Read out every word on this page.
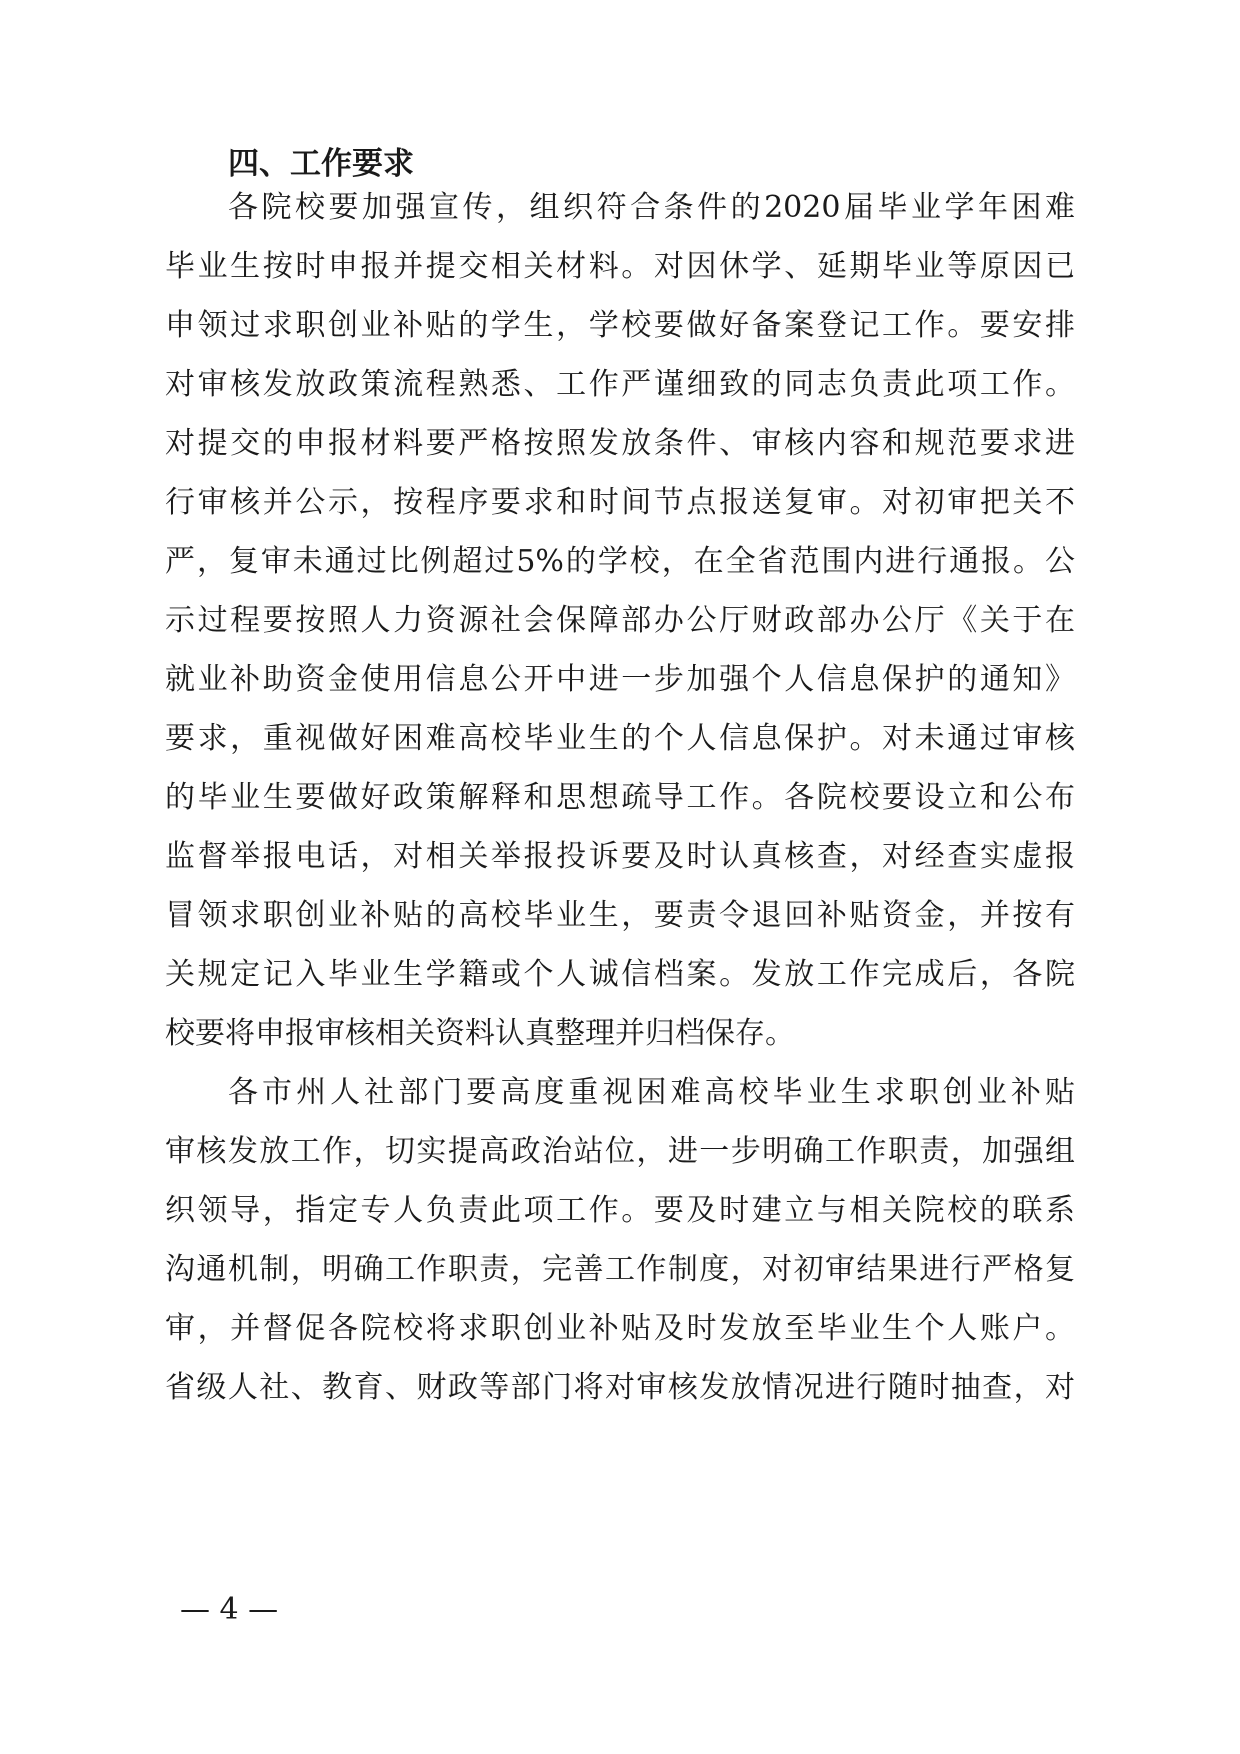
四、工作要求

各院校要加强宣传，组织符合条件的2020届毕业学年困难

毕业生按时申报并提交相关材料。对因休学、延期毕业等原因已

申领过求职创业补贴的学生，学校要做好备案登记工作。要安排

对审核发放政策流程熟悉、工作严谨细致的同志负责此项工作。

对提交的申报材料要严格按照发放条件、审核内容和规范要求进

行审核并公示，按程序要求和时间节点报送复审。对初审把关不

严，复审未通过比例超过5%的学校，在全省范围内进行通报。公

示过程要按照人力资源社会保障部办公厅财政部办公厅《关于在

就业补助资金使用信息公开中进一步加强个人信息保护的通知》

要求，重视做好困难高校毕业生的个人信息保护。对未通过审核

的毕业生要做好政策解释和思想疏导工作。各院校要设立和公布

监督举报电话，对相关举报投诉要及时认真核查，对经查实虚报

冒领求职创业补贴的高校毕业生，要责令退回补贴资金，并按有

关规定记入毕业生学籍或个人诚信档案。发放工作完成后，各院

校要将申报审核相关资料认真整理并归档保存。

各市州人社部门要高度重视困难高校毕业生求职创业补贴

审核发放工作，切实提高政治站位，进一步明确工作职责，加强组

织领导，指定专人负责此项工作。要及时建立与相关院校的联系

沟通机制，明确工作职责，完善工作制度，对初审结果进行严格复

审，并督促各院校将求职创业补贴及时发放至毕业生个人账户。

省级人社、教育、财政等部门将对审核发放情况进行随时抽查，对

— 4 —
